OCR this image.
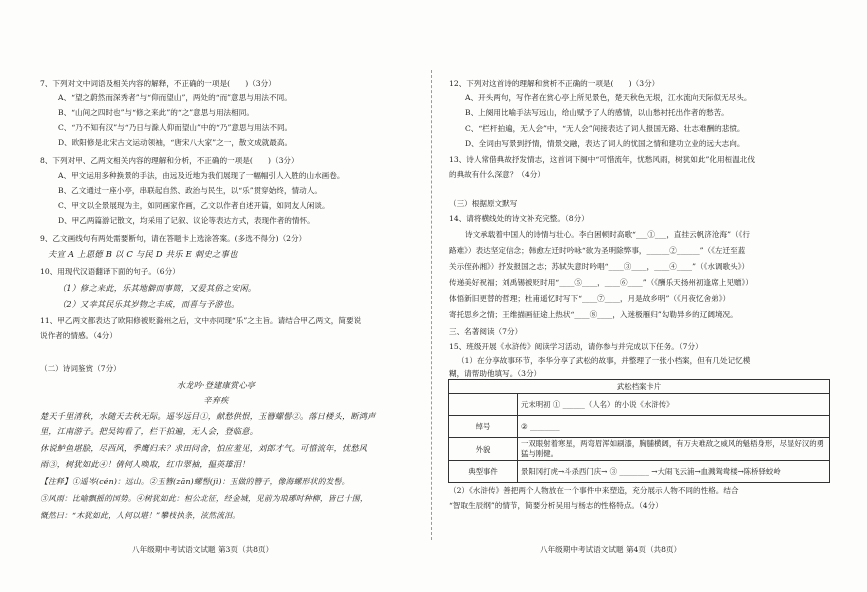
7、下列对文中词语及相关内容的解释，不正确的一项是(　　)（3分）
A、“望之蔚然而深秀者”与“仰而望山”，两处的“而”意思与用法不同。
B、“山间之四时也”与“修之来此”的“之”意思与用法相同。
C、“乃不知有汉”与“乃日与滁人仰而望山”中的“乃”意思与用法不同。
D、欧阳修是北宋古文运动领袖，“唐宋八大家”之一，散文成就最高。
8、下列对甲、乙两文相关内容的理解和分析，不正确的一项是(　　)（3分）
A、甲文运用多种换景的手法，由远及近地为我们展现了一幅幅引人入胜的山水画卷。
B、乙文通过一座小亭，串联起自然、政治与民生，以“乐”贯穿始终，情动人。
C、甲文以全景展现为主，如同画家作画，乙文以作者自述开篇，如同友人闲谈。
D、甲乙两篇游记散文，均采用了记叙、议论等表达方式，表现作者的情怀。
9、乙文画线句有两处需要断句，请在答题卡上选涂答案。(多选不得分)（2分）
夫宣 A 上恩德 B 以 C 与民 D 共乐 E 刺史之事也
10、用现代汉语翻译下面的句子。（6分）
（1）修之来此，乐其地僻而事简，又爱其俗之安闲。
（2）又幸其民乐其岁物之丰成，而喜与予游也。
11、甲乙两文都表达了欧阳修被贬滁州之后，文中亦同现“乐”之主旨。请结合甲乙两文，简要说
说作者的情感。（4分）
（二）诗词鉴赏（7分）
水龙吟·登建康赏心亭
辛弃疾
楚天千里清秋，水随天去秋无际。遥岑远目①，献愁供恨，玉簪螺髻②。落日楼头，断鸿声
里，江南游子。把吴钩看了，栏干拍遍，无人会，登临意。
休说鲈鱼堪脍，尽西风，季鹰归未？求田问舍，怕应羞见，刘郎才气。可惜流年，忧愁风
雨③，树犹如此④！倩何人唤取，红巾翠袖，揾英雄泪！
【注释】①遥岑(cén)：远山。②玉簪(zān)螺髻(jì)：玉做的簪子，像海螺形状的发髻。
③风雨：比喻飘摇的国势。④树犹如此：桓公北征，经金城，见前为琅琊时种柳，皆已十围，
慨然曰：“木犹如此，人何以堪！”攀枝执条，泫然流泪。
八年级期中考试语文试题 第3页（共8页）
12、下列对这首诗的理解和赏析不正确的一项是(　　)（3分）
A、开头两句，写作者在赏心亭上所见景色，楚天秋色无垠，江水流向天际似无尽头。
B、上阕用比喻手法写远山，给山赋予了人的感情，以山愁衬托出作者的愁苦。
C、“栏杆拍遍，无人会”中，“无人会”间接表达了词人报国无路、壮志难酬的悲愤。
D、全词由写景到抒情，情景交融，表达了词人的忧国之情和建功立业的远大志向。
13、诗人常借典故抒发情志，这首词下阕中“可惜流年，忧愁风雨，树犹如此”化用桓温北伐
的典故有什么深意？（4分）
（三）根据原文默写
14、请将横线处的诗文补充完整。（8分）
诗文承载着中国人的诗情与壮心。李白困顿时高歌“___①___，直挂云帆济沧海”（《行
路难》）表达坚定信念；韩愈左迁时吟咏“欲为圣明除弊事，______②______”（《左迁至蓝
关示侄孙湘》）抒发报国之志；苏轼失意时吟唱“____③____，____④____”（《水调歌头》）
传递美好祝福；刘禹锡被贬时用“____⑤____，____⑥____”（《酬乐天扬州初逢席上见赠》）
体悟新旧更替的哲理；杜甫遥忆时写下“____⑦____，月是故乡明”（《月夜忆舍弟》）
寄托思乡之情；王维描画征途上热状“____⑧____，入迷极雁归”勾勒异乡的辽阔境况。
三、名著阅读（7分）
15、班级开展《水浒传》阅读学习活动，请你参与并完成以下任务。（7分）
（1）在分享故事环节，李华分享了武松的故事，并整理了一张小档案，但有几处记忆模
糊，请帮助他填写。（3分）
（2）《水浒传》善把两个人物放在一个事件中来塑造，充分展示人物不同的性格。结合
“智取生辰纲”的情节，简要分析吴用与杨志的性格特点。（4分）
八年级期中考试语文试题 第4页（共8页）
武松档案卡片	
	元末明初 ① ______（人名）的小说《水浒传》
绰号	② ________
外貌	一双眼射着寒星，两弯眉浑如刷漆，胸脯横阔，有万夫难敌之威风的魁梧身形，尽显好汉的勇猛与刚健。
典型事件	景阳冈打虎→斗杀西门庆→ ③ ________ →大闹飞云浦→血溅鸳鸯楼→陈桥驿蛟岭
